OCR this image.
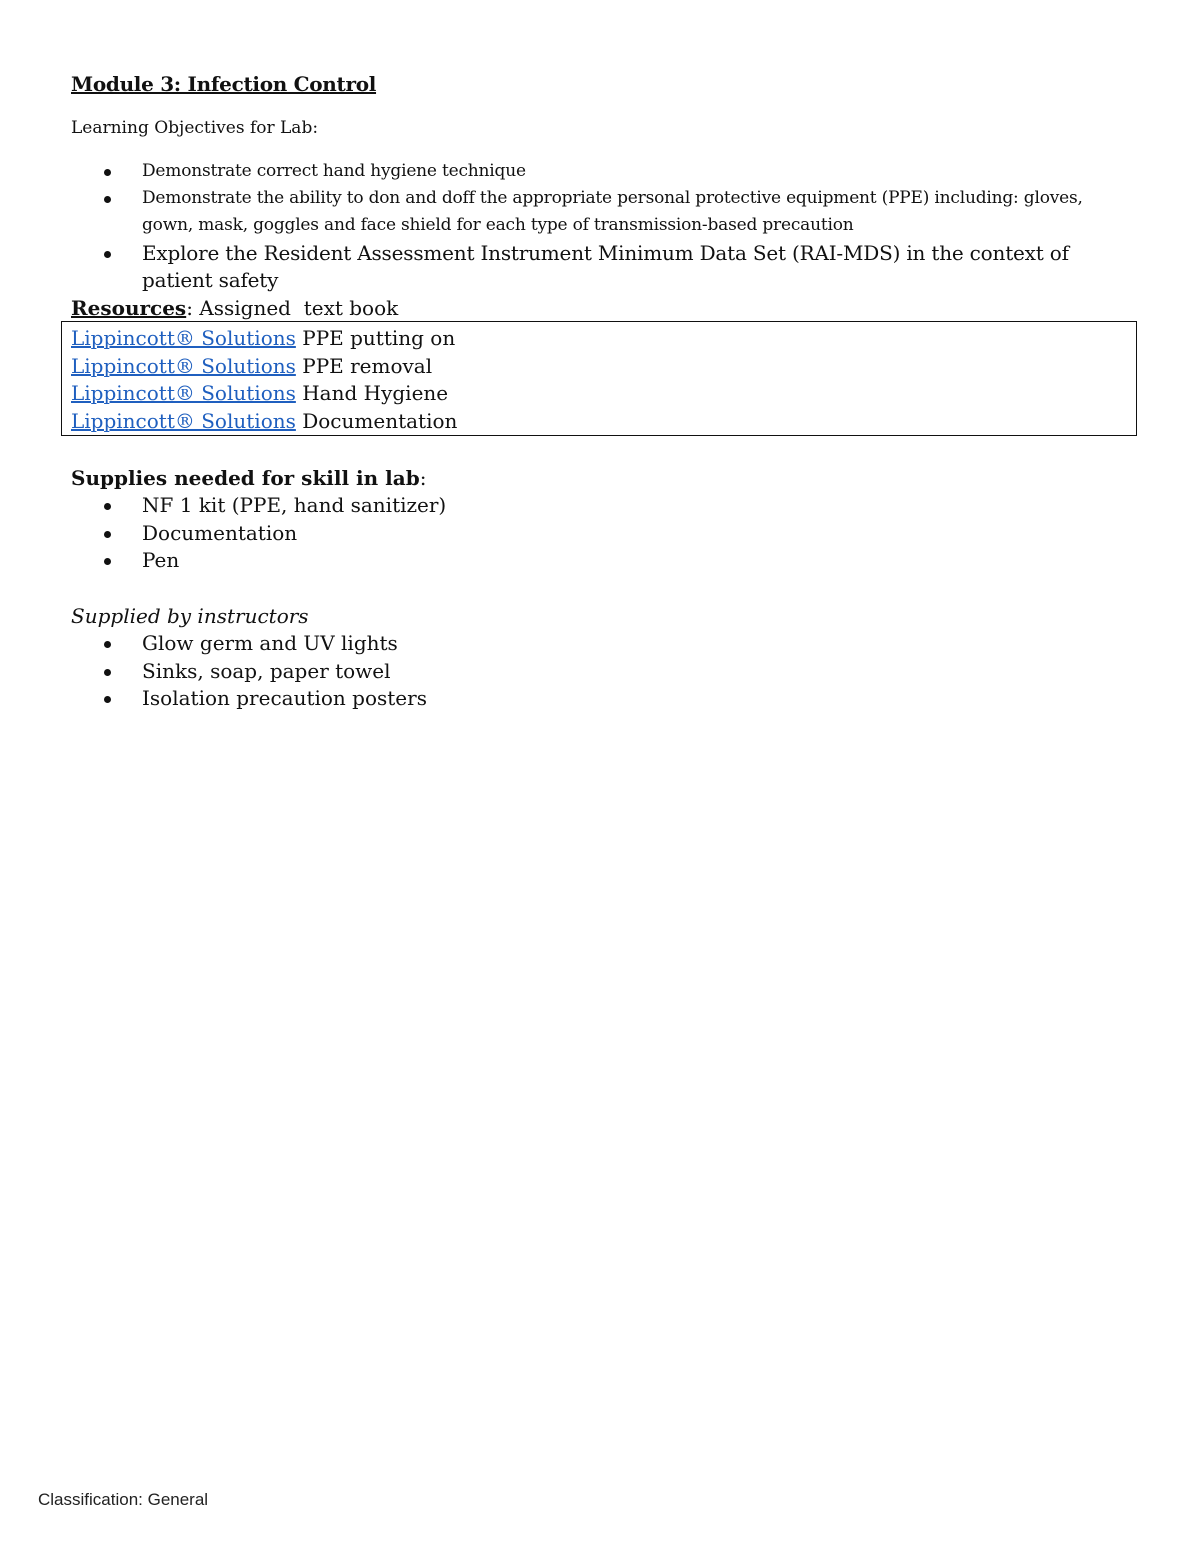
Module 3: Infection Control
Learning Objectives for Lab:
Demonstrate correct hand hygiene technique
Demonstrate the ability to don and doff the appropriate personal protective equipment (PPE) including: gloves, gown, mask, goggles and face shield for each type of transmission-based precaution
Explore the Resident Assessment Instrument Minimum Data Set (RAI-MDS) in the context of patient safety
Resources: Assigned  text book
Lippincott® Solutions PPE putting on
Lippincott® Solutions PPE removal
Lippincott® Solutions Hand Hygiene
Lippincott® Solutions Documentation
Supplies needed for skill in lab:
NF 1 kit (PPE, hand sanitizer)
Documentation
Pen
Supplied by instructors
Glow germ and UV lights
Sinks, soap, paper towel
Isolation precaution posters
Classification: General
